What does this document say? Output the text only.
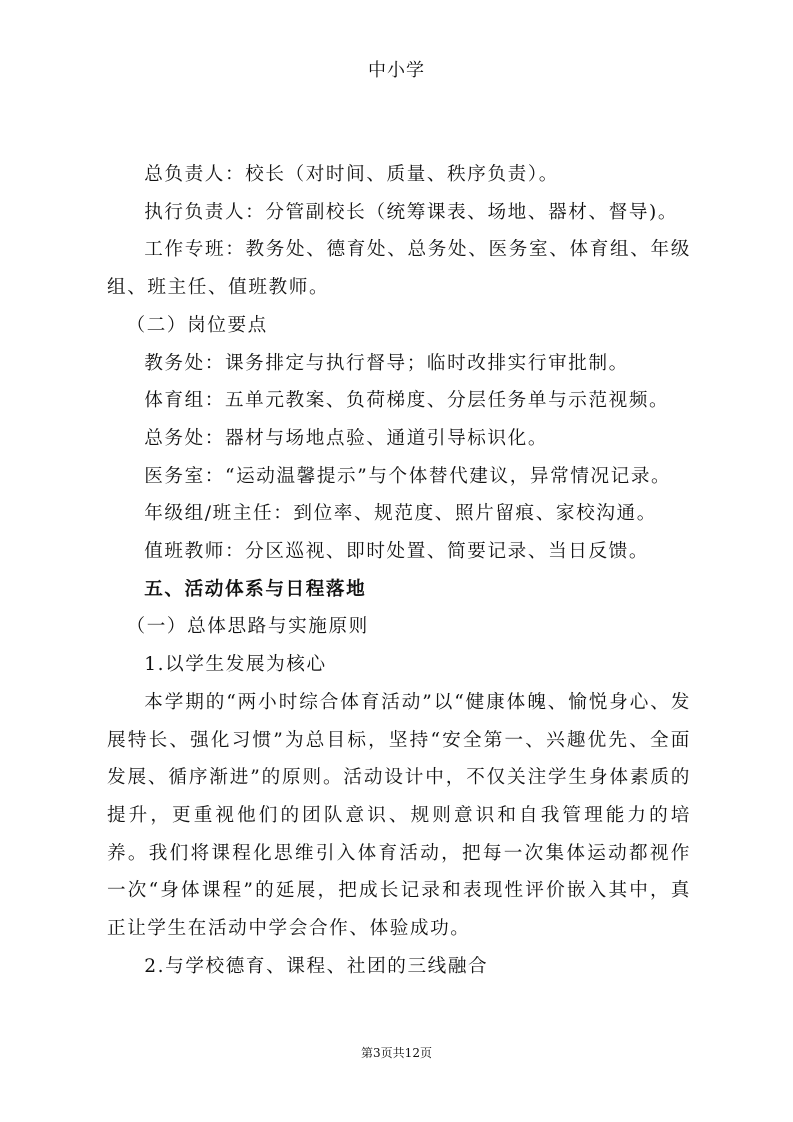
中小学

总负责人：校长（对时间、质量、秩序负责）。

执行负责人：分管副校长（统筹课表、场地、器材、督导)。

工作专班：教务处、德育处、总务处、医务室、体育组、年级组、班主任、值班教师。

（二）岗位要点

教务处：课务排定与执行督导；临时改排实行审批制。

体育组：五单元教案、负荷梯度、分层任务单与示范视频。

总务处：器材与场地点验、通道引导标识化。

医务室：“运动温馨提示”与个体替代建议，异常情况记录。

年级组/班主任：到位率、规范度、照片留痕、家校沟通。

值班教师：分区巡视、即时处置、简要记录、当日反馈。

五、活动体系与日程落地

（一）总体思路与实施原则

1.以学生发展为核心

本学期的“两小时综合体育活动”以“健康体魄、愉悦身心、发展特长、强化习惯”为总目标，坚持“安全第一、兴趣优先、全面发展、循序渐进”的原则。活动设计中，不仅关注学生身体素质的提升，更重视他们的团队意识、规则意识和自我管理能力的培养。我们将课程化思维引入体育活动，把每一次集体运动都视作一次“身体课程”的延展，把成长记录和表现性评价嵌入其中，真正让学生在活动中学会合作、体验成功。

2.与学校德育、课程、社团的三线融合

第3页共12页
